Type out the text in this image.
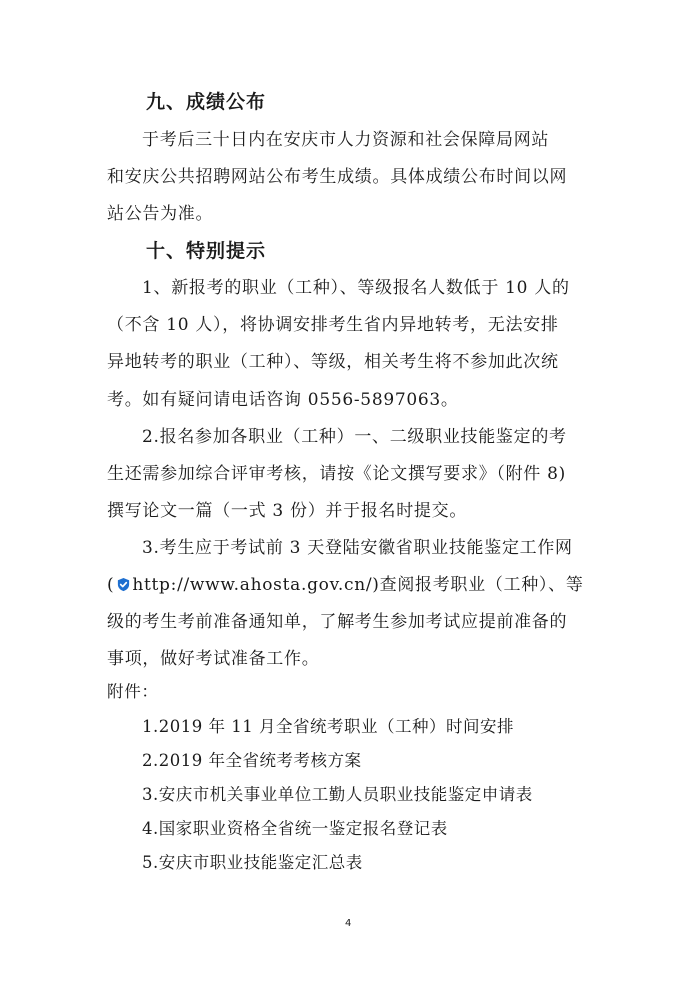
九、成绩公布
于考后三十日内在安庆市人力资源和社会保障局网站
和安庆公共招聘网站公布考生成绩。具体成绩公布时间以网
站公告为准。
十、特别提示
1、新报考的职业（工种）、等级报名人数低于 10 人的
（不含 10 人），将协调安排考生省内异地转考，无法安排
异地转考的职业（工种）、等级，相关考生将不参加此次统
考。如有疑问请电话咨询 0556-5897063。
2.报名参加各职业（工种）一、二级职业技能鉴定的考
生还需参加综合评审考核，请按《论文撰写要求》（附件 8)
撰写论文一篇（一式 3 份）并于报名时提交。
3.考生应于考试前 3 天登陆安徽省职业技能鉴定工作网
( http://www.ahosta.gov.cn/)查阅报考职业（工种）、等
级的考生考前准备通知单，了解考生参加考试应提前准备的
事项，做好考试准备工作。
附件：
1.2019 年 11 月全省统考职业（工种）时间安排
2.2019 年全省统考考核方案
3.安庆市机关事业单位工勤人员职业技能鉴定申请表
4.国家职业资格全省统一鉴定报名登记表
5.安庆市职业技能鉴定汇总表
4
